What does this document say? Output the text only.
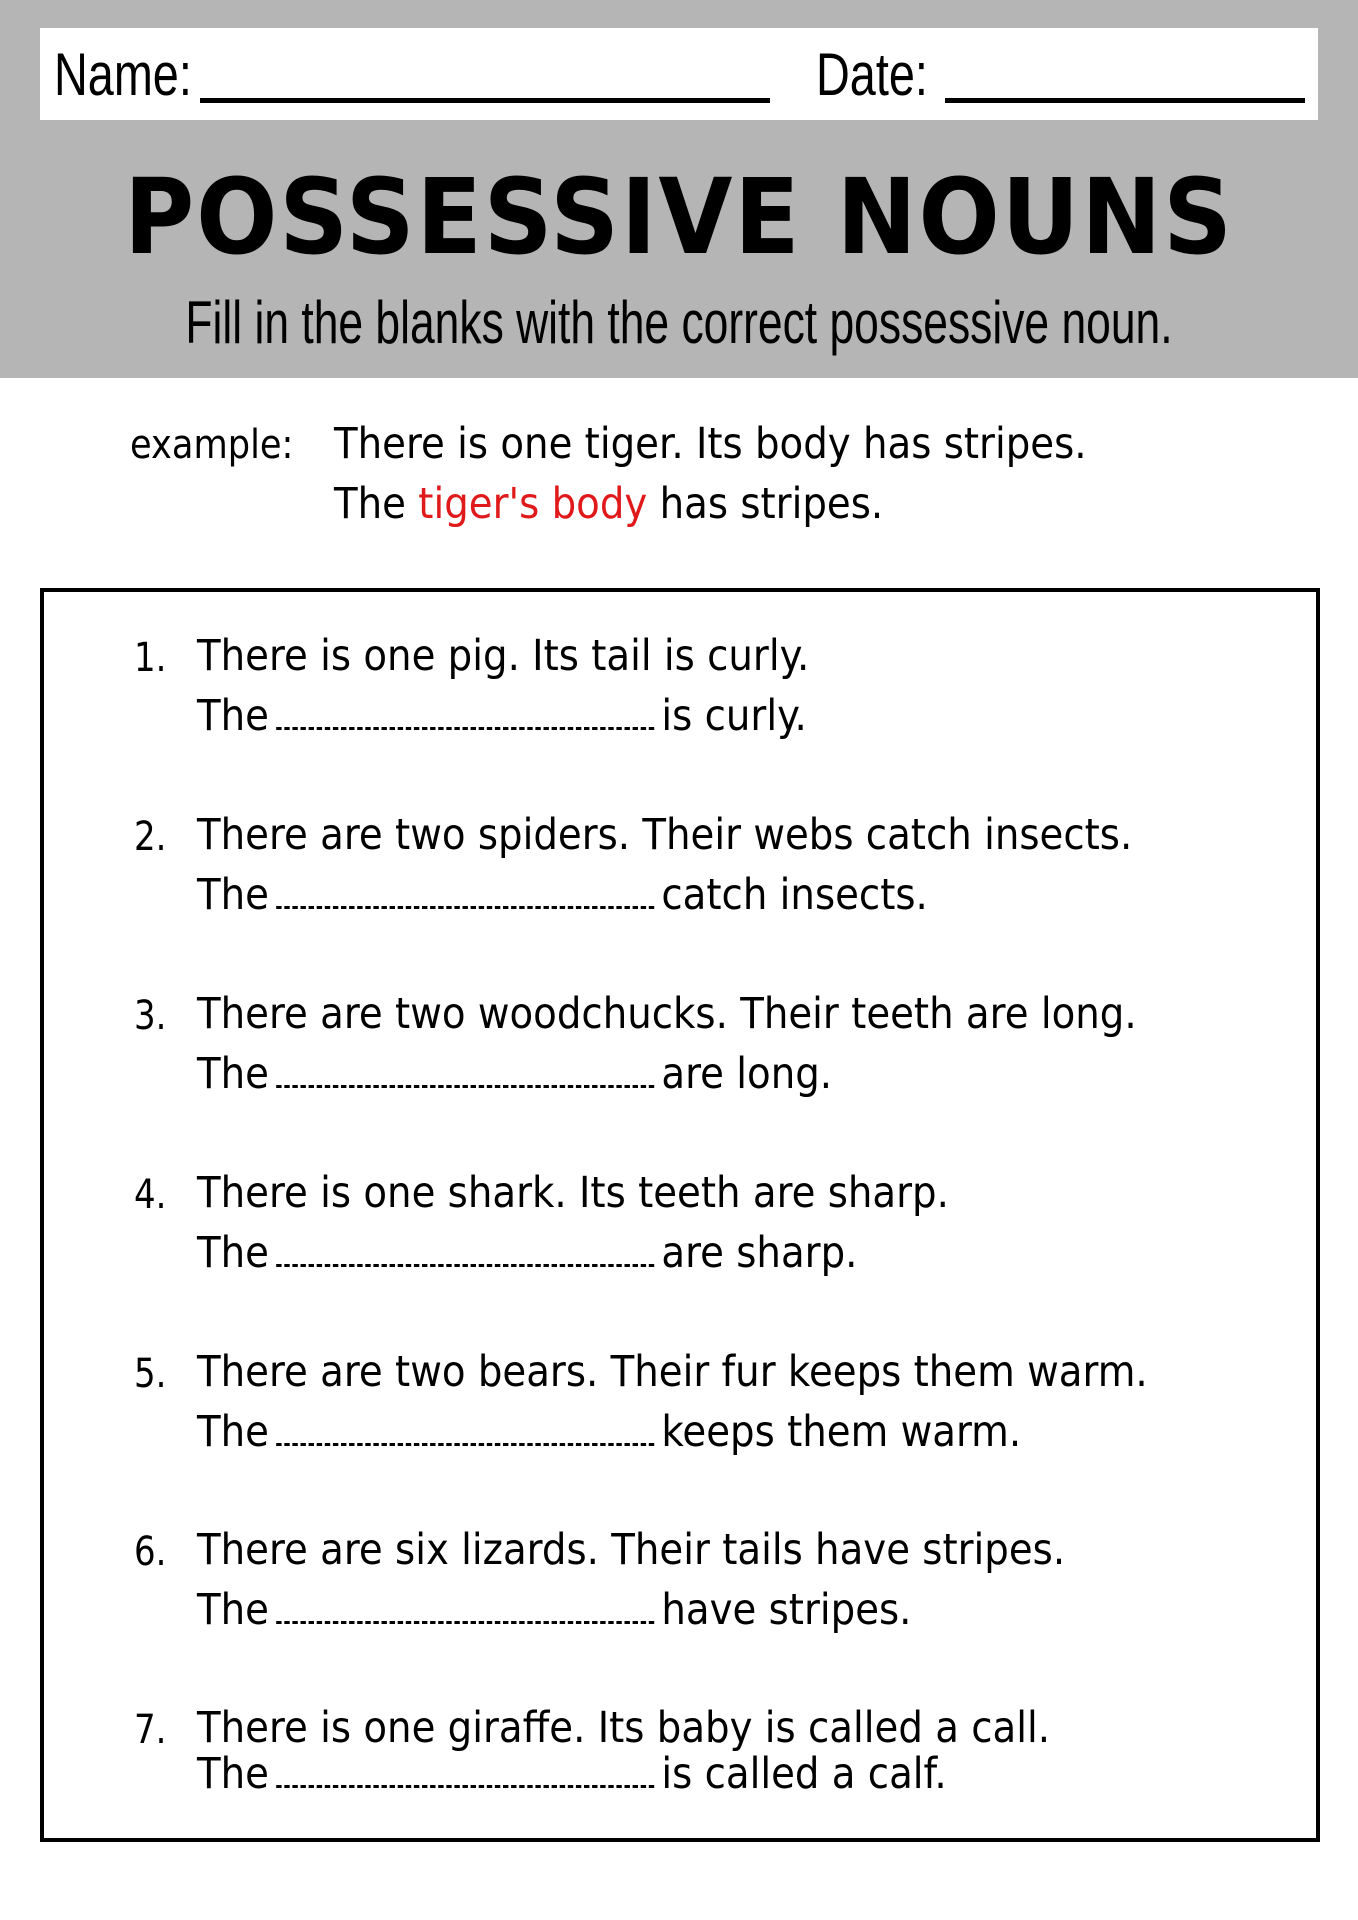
Name:	Date:
POSSESSIVE NOUNS
Fill in the blanks with the correct possessive noun.
example: There is one tiger. Its body has stripes.
The tiger's body has stripes.
1. There is one pig. Its tail is curly.
The	is curly.
2. There are two spiders. Their webs catch insects.
The	catch insects.
3. There are two woodchucks. Their teeth are long.
The	are long.
4. There is one shark. Its teeth are sharp.
The	are sharp.
5. There are two bears. Their fur keeps them warm.
The	keeps them warm.
6. There are six lizards. Their tails have stripes.
The	have stripes.
7. There is one giraffe. Its baby is called a call.
The	is called a calf.
